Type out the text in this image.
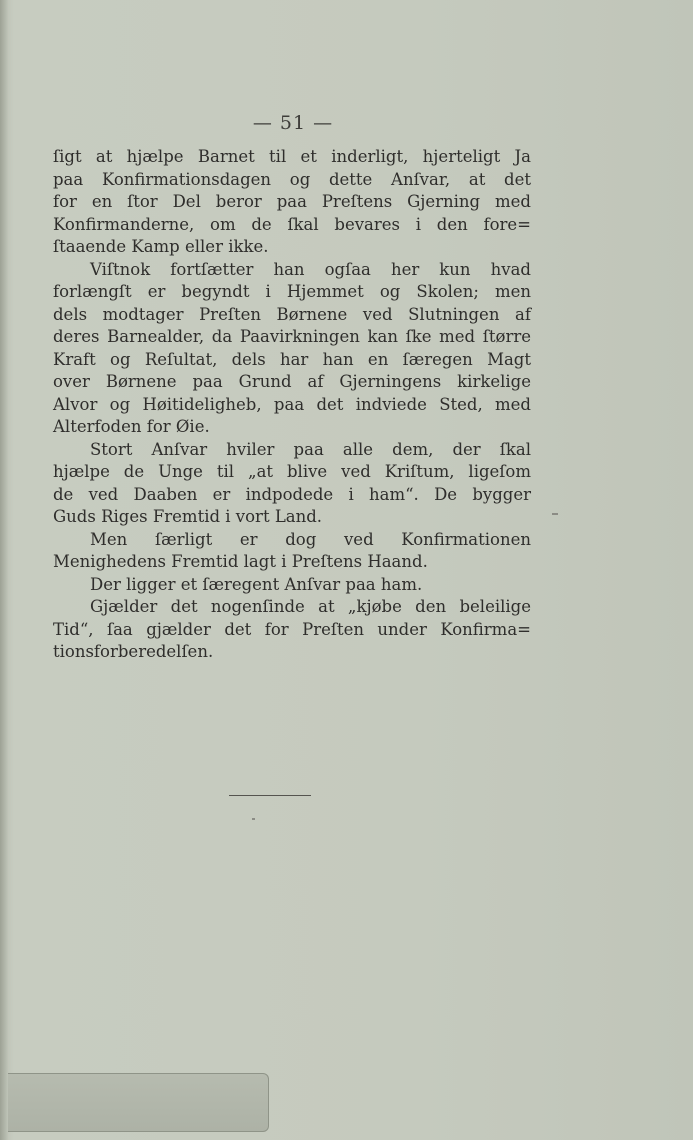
— 51 —
ſigt at hjælpe Barnet til et inderligt, hjerteligt Ja
paa Konfirmationsdagen og dette Anſvar, at det
for en ſtor Del beror paa Preſtens Gjerning med
Konfirmanderne, om de ſkal bevares i den fore=
ſtaaende Kamp eller ikke.
Viſtnok fortſætter han ogſaa her kun hvad
forlængſt er begyndt i Hjemmet og Skolen; men
dels modtager Preſten Børnene ved Slutningen af
deres Barnealder, da Paavirkningen kan ſke med ſtørre
Kraft og Reſultat, dels har han en ſæregen Magt
over Børnene paa Grund af Gjerningens kirkelige
Alvor og Høitideligheb, paa det indviede Sted, med
Alterfoden for Øie.
Stort Anſvar hviler paa alle dem, der ſkal
hjælpe de Unge til „at blive ved Kriſtum, ligeſom
de ved Daaben er indpodede i ham“. De bygger
Guds Riges Fremtid i vort Land.
Men ſærligt er dog ved Konfirmationen
Menighedens Fremtid lagt i Preſtens Haand.
Der ligger et ſæregent Anſvar paa ham.
Gjælder det nogenſinde at „kjøbe den beleilige
Tid“, ſaa gjælder det for Preſten under Konfirma=
tionsforberedelſen.
